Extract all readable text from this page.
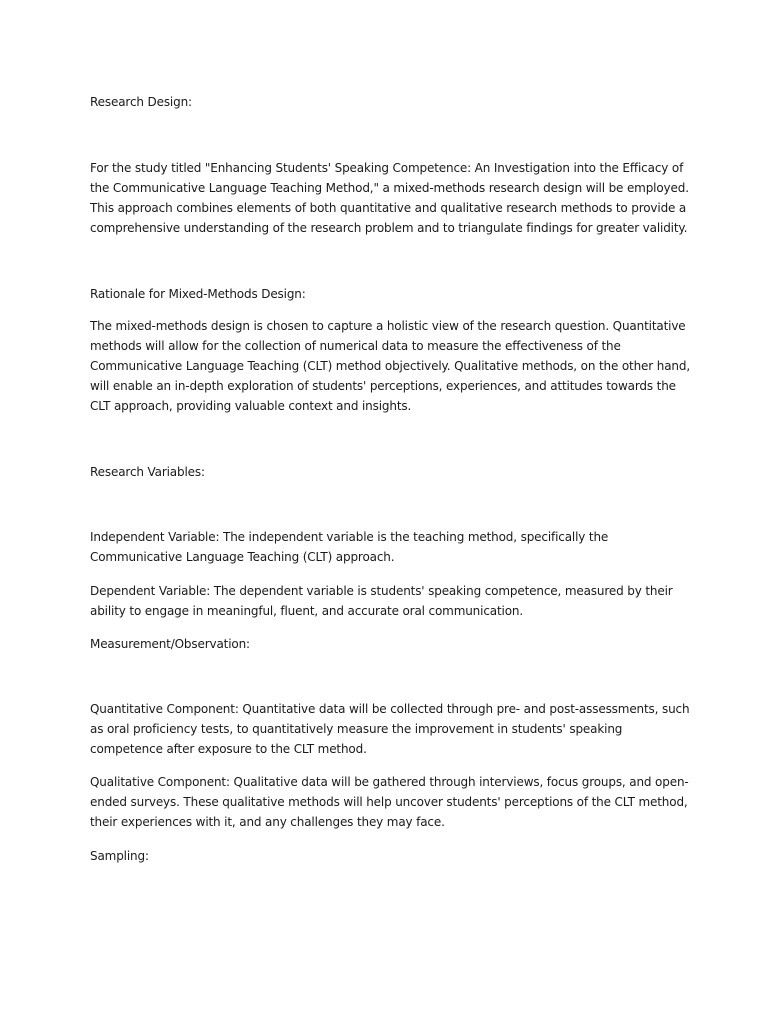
Research Design:

For the study titled "Enhancing Students' Speaking Competence: An Investigation into the Efficacy of the Communicative Language Teaching Method," a mixed-methods research design will be employed. This approach combines elements of both quantitative and qualitative research methods to provide a comprehensive understanding of the research problem and to triangulate findings for greater validity.

Rationale for Mixed-Methods Design:

The mixed-methods design is chosen to capture a holistic view of the research question. Quantitative methods will allow for the collection of numerical data to measure the effectiveness of the Communicative Language Teaching (CLT) method objectively. Qualitative methods, on the other hand, will enable an in-depth exploration of students' perceptions, experiences, and attitudes towards the CLT approach, providing valuable context and insights.

Research Variables:

Independent Variable: The independent variable is the teaching method, specifically the Communicative Language Teaching (CLT) approach.

Dependent Variable: The dependent variable is students' speaking competence, measured by their ability to engage in meaningful, fluent, and accurate oral communication.

Measurement/Observation:

Quantitative Component: Quantitative data will be collected through pre- and post-assessments, such as oral proficiency tests, to quantitatively measure the improvement in students' speaking competence after exposure to the CLT method.

Qualitative Component: Qualitative data will be gathered through interviews, focus groups, and open-ended surveys. These qualitative methods will help uncover students' perceptions of the CLT method, their experiences with it, and any challenges they may face.

Sampling:
